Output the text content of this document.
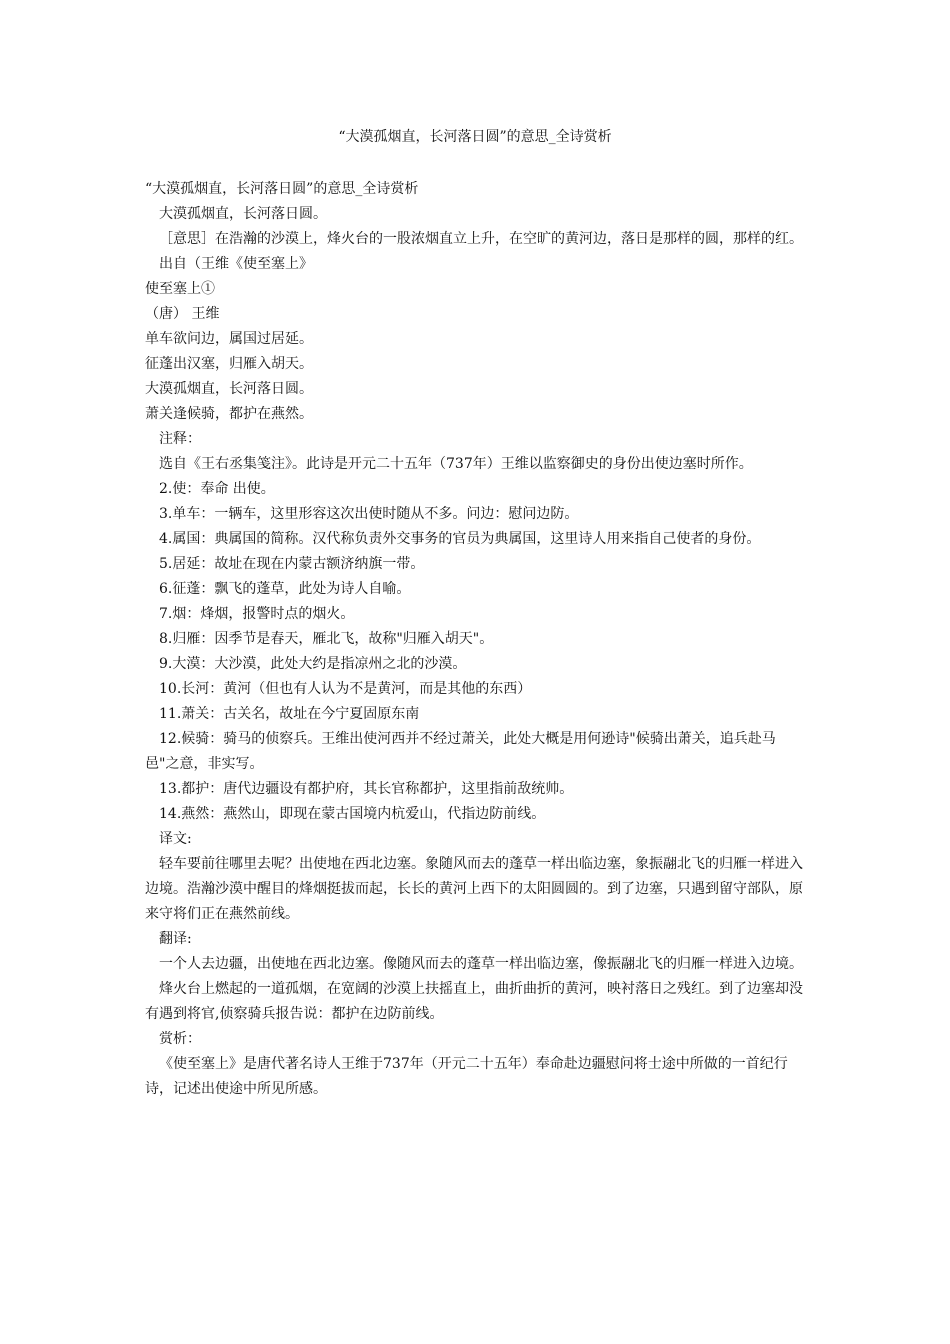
“大漠孤烟直，长河落日圆”的意思_全诗赏析

“大漠孤烟直，长河落日圆”的意思_全诗赏析

大漠孤烟直，长河落日圆。

［意思］在浩瀚的沙漠上，烽火台的一股浓烟直立上升，在空旷的黄河边，落日是那样的圆，那样的红。

出自（王维《使至塞上》

使至塞上①

（唐） 王维

单车欲问边，属国过居延。

征蓬出汉塞，归雁入胡天。

大漠孤烟直，长河落日圆。

萧关逢候骑，都护在燕然。

注释：

选自《王右丞集笺注》。此诗是开元二十五年（737年）王维以监察御史的身份出使边塞时所作。

2.使：奉命 出使。

3.单车：一辆车，这里形容这次出使时随从不多。问边：慰问边防。

4.属国：典属国的简称。汉代称负责外交事务的官员为典属国，这里诗人用来指自己使者的身份。

5.居延：故址在现在内蒙古额济纳旗一带。

6.征蓬：飘飞的蓬草，此处为诗人自喻。

7.烟：烽烟，报警时点的烟火。

8.归雁：因季节是春天，雁北飞，故称"归雁入胡天"。

9.大漠：大沙漠，此处大约是指凉州之北的沙漠。

10.长河：黄河（但也有人认为不是黄河，而是其他的东西）

11.萧关：古关名，故址在今宁夏固原东南

12.候骑：骑马的侦察兵。王维出使河西并不经过萧关，此处大概是用何逊诗"候骑出萧关，追兵赴马邑"之意，非实写。

13.都护：唐代边疆设有都护府，其长官称都护，这里指前敌统帅。

14.燕然：燕然山，即现在蒙古国境内杭爱山，代指边防前线。

译文:

轻车要前往哪里去呢？出使地在西北边塞。象随风而去的蓬草一样出临边塞，象振翮北飞的归雁一样进入边境。浩瀚沙漠中醒目的烽烟挺拔而起，长长的黄河上西下的太阳圆圆的。到了边塞，只遇到留守部队，原来守将们正在燕然前线。

翻译:

一个人去边疆，出使地在西北边塞。像随风而去的蓬草一样出临边塞，像振翮北飞的归雁一样进入边境。

烽火台上燃起的一道孤烟，在宽阔的沙漠上扶摇直上，曲折曲折的黄河，映衬落日之残红。到了边塞却没有遇到将官,侦察骑兵报告说：都护在边防前线。

赏析：

《使至塞上》是唐代著名诗人王维于737年（开元二十五年）奉命赴边疆慰问将士途中所做的一首纪行诗，记述出使途中所见所感。
